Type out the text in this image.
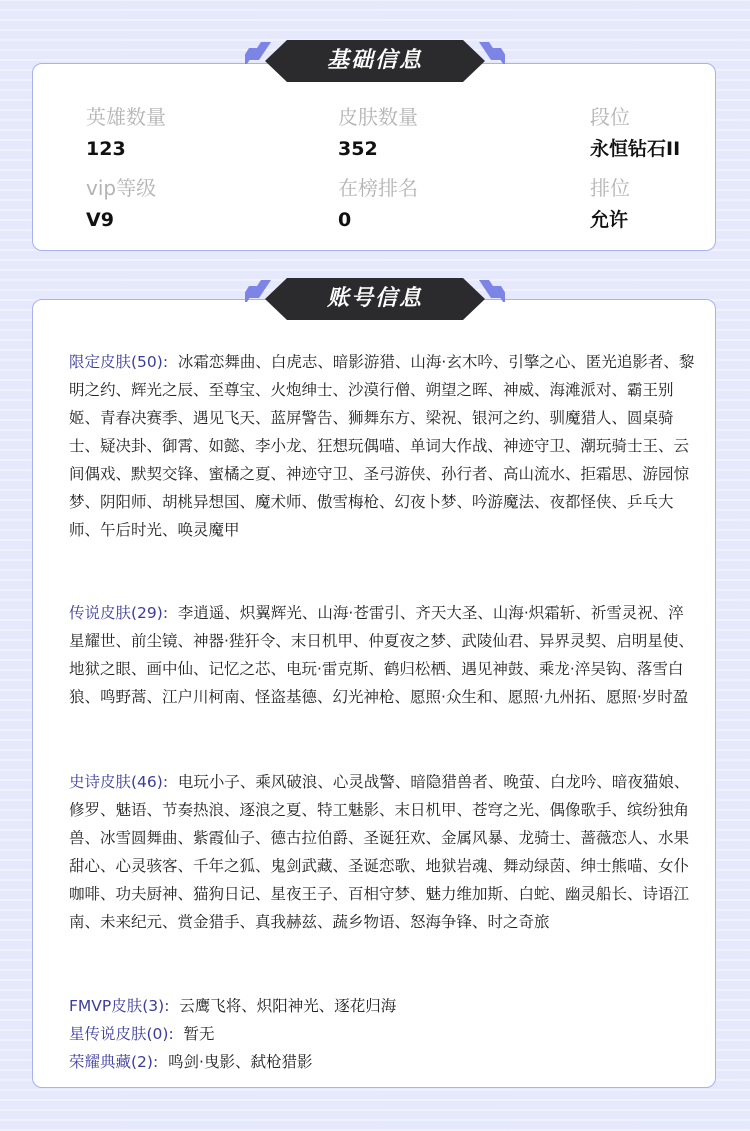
英雄数量
123
皮肤数量
352
段位
永恒钻石II
vip等级
V9
在榜排名
0
排位
允许
限定皮肤(50): 冰霜恋舞曲、白虎志、暗影游猎、山海·玄木吟、引擎之心、匿光追影者、黎明之约、辉光之辰、至尊宝、火炮绅士、沙漠行僧、朔望之晖、神威、海滩派对、霸王别姬、青春决赛季、遇见飞天、蓝屏警告、狮舞东方、梁祝、银河之约、驯魔猎人、圆桌骑士、疑决卦、御霄、如懿、李小龙、狂想玩偶喵、单词大作战、神迹守卫、潮玩骑士王、云间偶戏、默契交锋、蜜橘之夏、神迹守卫、圣弓游侠、孙行者、高山流水、拒霜思、游园惊梦、阴阳师、胡桃异想国、魔术师、傲雪梅枪、幻夜卜梦、吟游魔法、夜都怪侠、乒乓大师、午后时光、唤灵魔甲
传说皮肤(29): 李逍遥、炽翼辉光、山海·苍雷引、齐天大圣、山海·炽霜斩、祈雪灵祝、淬星耀世、前尘镜、神器·狴犴令、末日机甲、仲夏夜之梦、武陵仙君、异界灵契、启明星使、地狱之眼、画中仙、记忆之芯、电玩·雷克斯、鹤归松栖、遇见神鼓、乘龙·淬吴钩、落雪白狼、鸣野蒿、江户川柯南、怪盗基德、幻光神枪、愿照·众生和、愿照·九州拓、愿照·岁时盈
史诗皮肤(46): 电玩小子、乘风破浪、心灵战警、暗隐猎兽者、晚萤、白龙吟、暗夜猫娘、修罗、魅语、节奏热浪、逐浪之夏、特工魅影、末日机甲、苍穹之光、偶像歌手、缤纷独角兽、冰雪圆舞曲、紫霞仙子、德古拉伯爵、圣诞狂欢、金属风暴、龙骑士、蔷薇恋人、水果甜心、心灵骇客、千年之狐、鬼剑武藏、圣诞恋歌、地狱岩魂、舞动绿茵、绅士熊喵、女仆咖啡、功夫厨神、猫狗日记、星夜王子、百相守梦、魅力维加斯、白蛇、幽灵船长、诗语江南、未来纪元、赏金猎手、真我赫兹、蔬乡物语、怒海争锋、时之奇旅
FMVP皮肤(3): 云鹰飞将、炽阳神光、逐花归海
星传说皮肤(0): 暂无
荣耀典藏(2): 鸣剑·曳影、弑枪猎影
基础信息
账号信息
